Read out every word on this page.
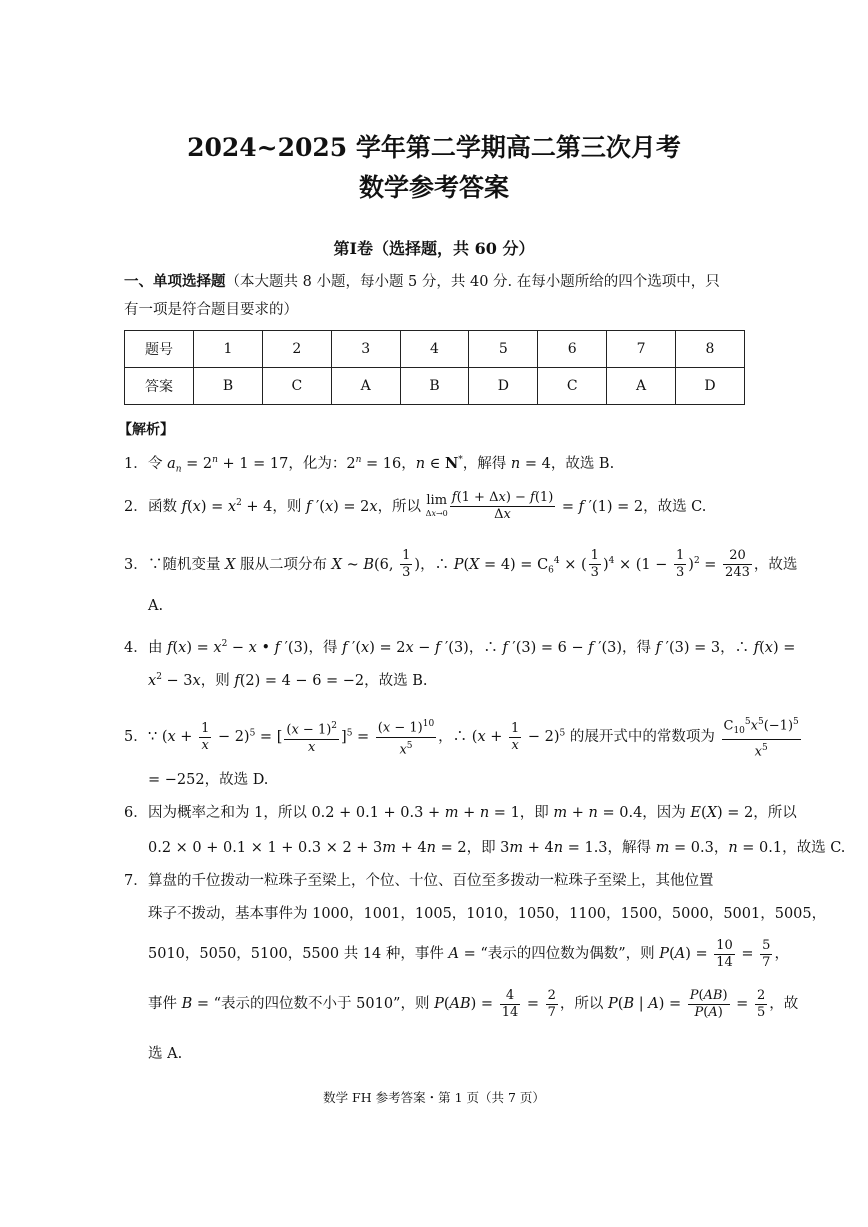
2024~2025 学年第二学期高二第三次月考
数学参考答案
第Ⅰ卷（选择题，共 60 分）
一、单项选择题（本大题共 8 小题，每小题 5 分，共 40 分. 在每小题所给的四个选项中，只
有一项是符合题目要求的）
题号	1	2	3	4	5	6	7	8
答案	B	C	A	B	D	C	A	D
【解析】
1．令 $a_n = 2^n + 1 = 17$，化为：$2^n = 16$，n ∈ N*，解得 n = 4，故选 B.
2．函数 $f(x) = x^2 + 4$，则 f ′(x) = 2x，所以 lim
$\Delta x\to 0 \frac{f(1 + \Delta x) - f(1)}{\Delta x} = f$ ′(1) = 2，故选 C.
3．∵随机变量 X 服从二项分布 X ~ B(6, $\frac{1}{3}$ )，∴ $P(X = 4) = C_6^4$ × ( $\frac{1}{3} )^4 \times (1 - \frac{1}{3} )^2 = \frac{20}{243}$ ，故选
A.
4．由 $f(x) = x^2 - x$ • f ′(3)，得 f ′(x) = 2x − f ′(3)，∴ f ′(3) = 6 − f ′(3)，得 f ′(3) = 3，∴ f(x) =
$x^2 - 3x$，则 f(2) = 4 − 6 = −2，故选 B.
5．∵ $(x + \frac{1}{x} - 2)^5$ = [ $\frac{(x - 1)^2}{x} ]^5 = \frac{(x - 1)^{10}}{x^5}$ ，∴ $(x + \frac{1}{x} - 2)^5$ 的展开式中的常数项为 $\frac{C_{10}^5x^5(-1)^5}{x^5}$
= −252，故选 D.
6．因为概率之和为 1，所以 0.2 + 0.1 + 0.3 + m + n = 1，即 m + n = 0.4，因为 E(X) = 2，所以
0.2 × 0 + 0.1 × 1 + 0.3 × 2 + 3m + 4n = 2，即 3m + 4n = 1.3，解得 m = 0.3，n = 0.1，故选 C.
7．算盘的千位拨动一粒珠子至梁上，个位、十位、百位至多拨动一粒珠子至梁上，其他位置
珠子不拨动，基本事件为 1000，1001，1005，1010，1050，1100，1500，5000，5001，5005，
5010，5050，5100，5500 共 14 种，事件 A = “表示的四位数为偶数”，则 $P(A) = \frac{10}{14} = \frac{5}{7}$ ，
事件 B = “表示的四位数不小于 5010”，则 $P(AB) = \frac{4}{14} = \frac{2}{7}$ ，所以 P(B | $A) = \frac{P(AB)}{P(A)} = \frac{2}{5}$ ，故
选 A.
数学 FH 参考答案・第 1 页（共 7 页）
